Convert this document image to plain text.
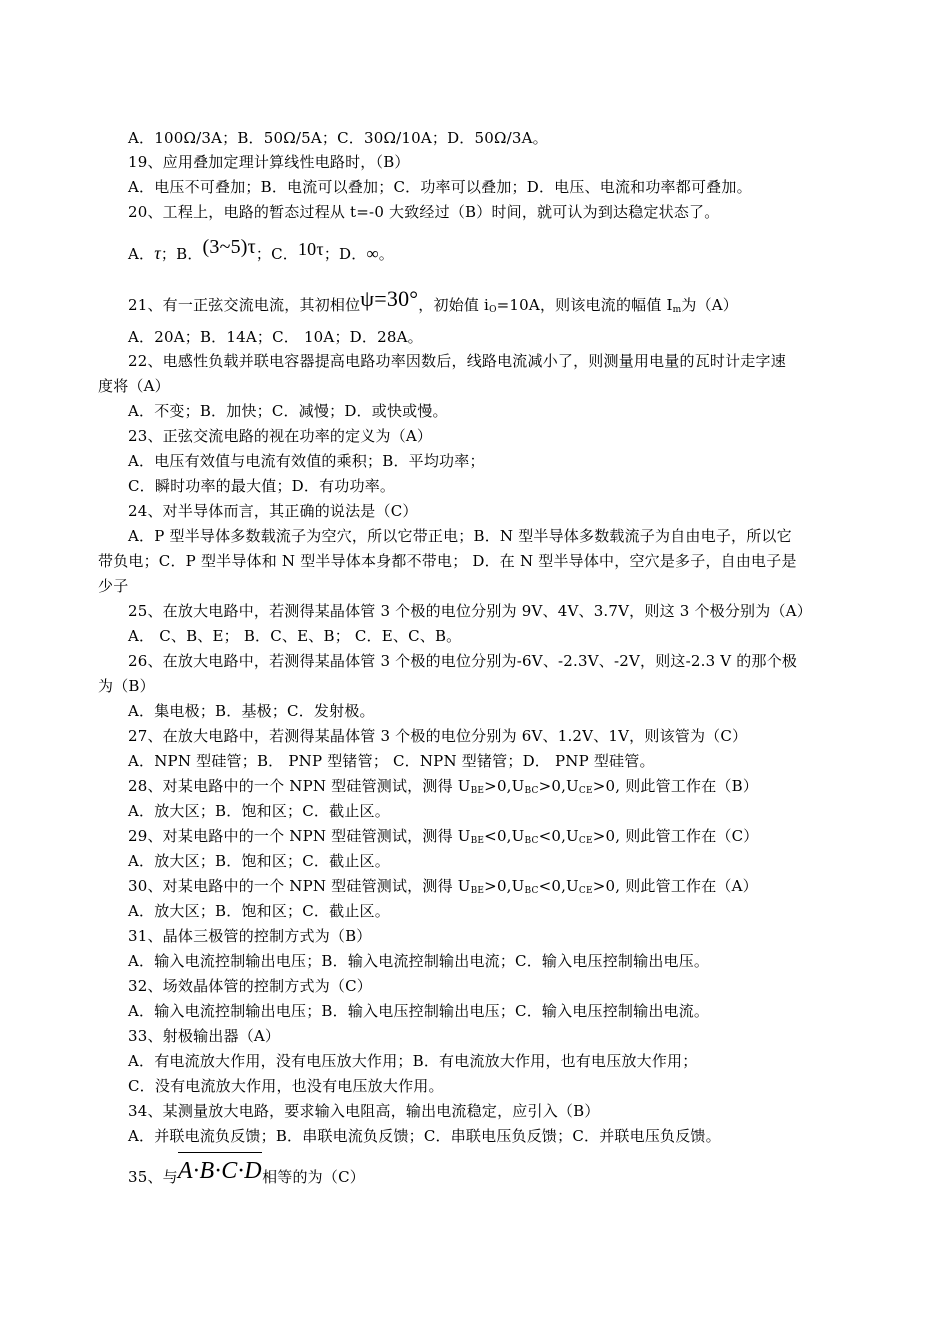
A．100Ω/3A；B．50Ω/5A；C．30Ω/10A；D．50Ω/3A。
19、应用叠加定理计算线性电路时，（B）
A．电压不可叠加；B．电流可以叠加；C．功率可以叠加；D．电压、电流和功率都可叠加。
20、工程上，电路的暂态过程从 t=-0 大致经过（B）时间，就可认为到达稳定状态了。
A．τ；B．(3~5)τ；C．10τ；D．∞。
21、有一正弦交流电流，其初相位ψ=30°，初始值 $i_O=10A$，则该电流的幅值 $I_m$为（A）
A．20A；B．14A；C． 10A；D．28A。
22、电感性负载并联电容器提高电路功率因数后，线路电流减小了，则测量用电量的瓦时计走字速
度将（A）
A．不变；B．加快；C．减慢；D．或快或慢。
23、正弦交流电路的视在功率的定义为（A）
A．电压有效值与电流有效值的乘积；B．平均功率；
C．瞬时功率的最大值；D．有功功率。
24、对半导体而言，其正确的说法是（C）
A．P 型半导体多数载流子为空穴，所以它带正电；B．N 型半导体多数载流子为自由电子，所以它
带负电；C．P 型半导体和 N 型半导体本身都不带电； D．在 N 型半导体中，空穴是多子，自由电子是
少子
25、在放大电路中，若测得某晶体管 3 个极的电位分别为 9V、4V、3.7V，则这 3 个极分别为（A）
A． C、B、E； B．C、E、B； C．E、C、B。
26、在放大电路中，若测得某晶体管 3 个极的电位分别为-6V、-2.3V、-2V，则这-2.3 V 的那个极
为（B）
A．集电极；B．基极；C．发射极。
27、在放大电路中，若测得某晶体管 3 个极的电位分别为 6V、1.2V、1V，则该管为（C）
A．NPN 型硅管；B． PNP 型锗管； C．NPN 型锗管；D． PNP 型硅管。
28、对某电路中的一个 NPN 型硅管测试，测得 $U_{BE}>0,U_{BC}>0,U_{CE}>0$, 则此管工作在（B）
A．放大区；B．饱和区；C．截止区。
29、对某电路中的一个 NPN 型硅管测试，测得 $U_{BE}<0,U_{BC}<0,U_{CE}>0$, 则此管工作在（C）
A．放大区；B．饱和区；C．截止区。
30、对某电路中的一个 NPN 型硅管测试，测得 $U_{BE}>0,U_{BC}<0,U_{CE}>0$, 则此管工作在（A）
A．放大区；B．饱和区；C．截止区。
31、晶体三极管的控制方式为（B）
A．输入电流控制输出电压；B．输入电流控制输出电流；C．输入电压控制输出电压。
32、场效晶体管的控制方式为（C）
A．输入电流控制输出电压；B．输入电压控制输出电压；C．输入电压控制输出电流。
33、射极输出器（A）
A．有电流放大作用，没有电压放大作用；B．有电流放大作用，也有电压放大作用；
C．没有电流放大作用，也没有电压放大作用。
34、某测量放大电路，要求输入电阻高，输出电流稳定，应引入（B）
A．并联电流负反馈；B．串联电流负反馈；C．串联电压负反馈；C．并联电压负反馈。
35、与A·B·C·D相等的为（C）
